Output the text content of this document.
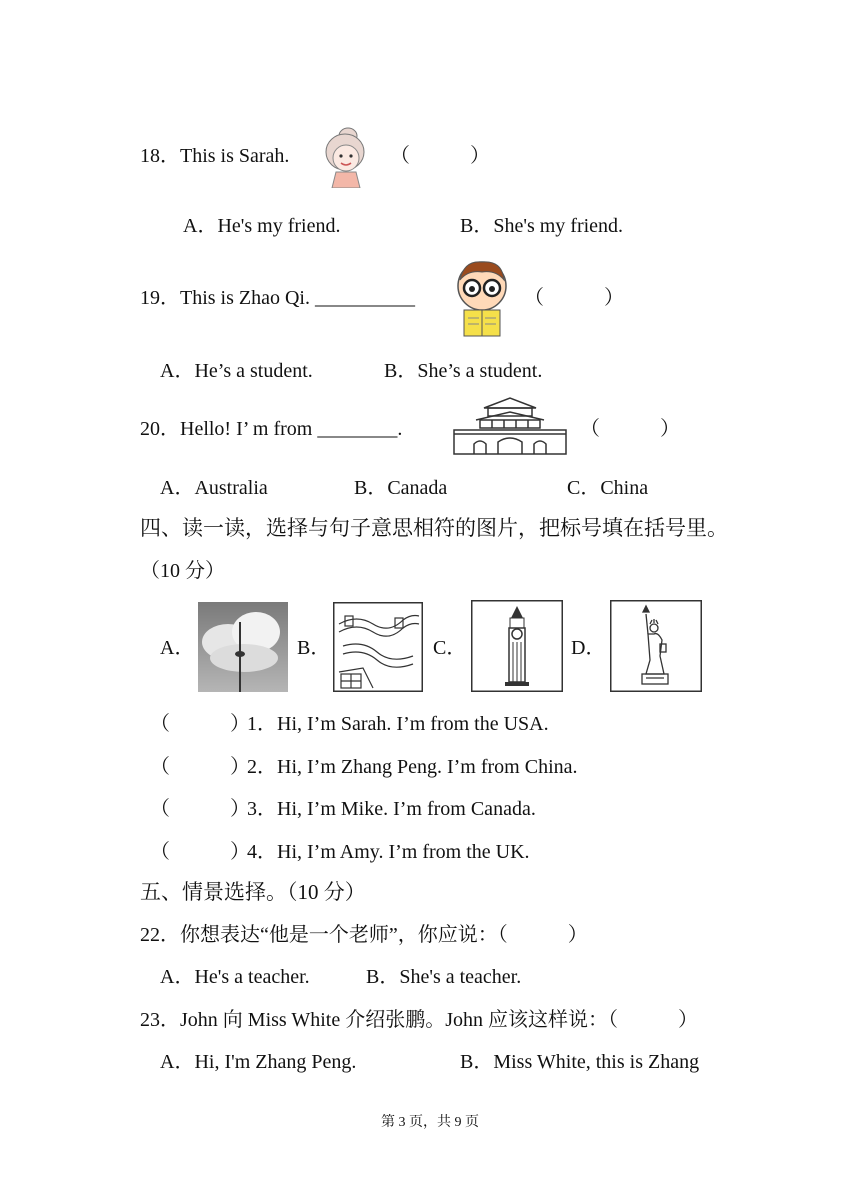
18．This is Sarah.	（　　　）
A．He's my friend.	B．She's my friend.
19．This is Zhao Qi. __________	（　　　）
A．He’s a student.	B．She’s a student.
20．Hello! I’ m from ________.	（　　　）
A．Australia	B．Canada	C．China
四、读一读，选择与句子意思相符的图片，把标号填在括号里。
（10 分）
A．	B．	C．	D．
（　　　）
1．Hi, I’m Sarah. I’m from the USA.
（　　　）
2．Hi, I’m Zhang Peng. I’m from China.
（　　　）
3．Hi, I’m Mike. I’m from Canada.
（　　　）
4．Hi, I’m Amy. I’m from the UK.
五、情景选择。（10 分）
22．你想表达“他是一个老师”，你应说：（　　　）
A．He's a teacher.	B．She's a teacher.
23．John 向 Miss White 介绍张鹏。John 应该这样说：（　　　）
A．Hi, I'm Zhang Peng.	B．Miss White, this is Zhang
第 3 页，共 9 页
